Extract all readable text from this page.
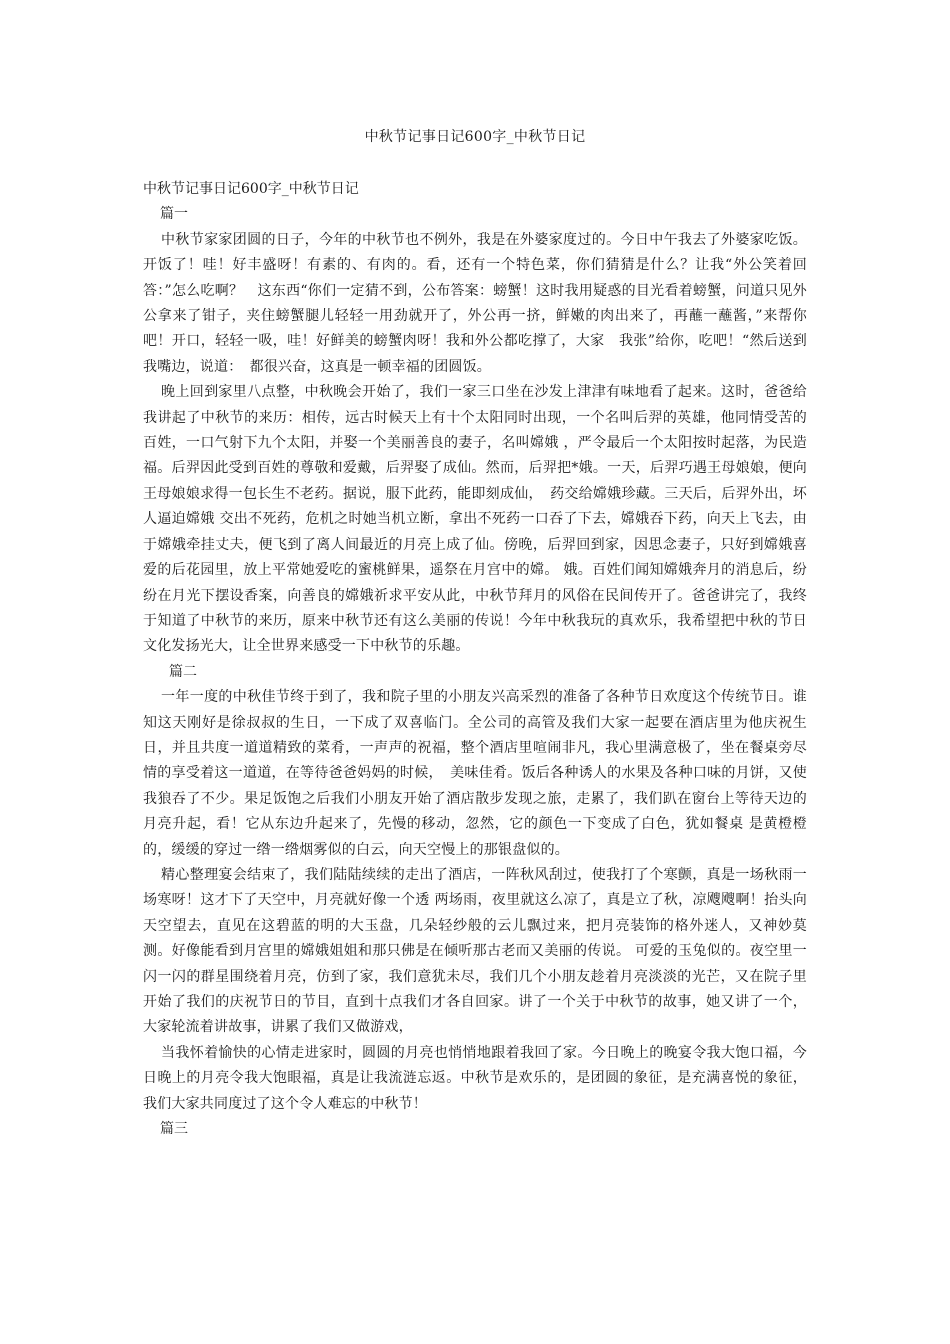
中秋节记事日记600字_中秋节日记

中秋节记事日记600字_中秋节日记

篇一

中秋节家家团圆的日子，今年的中秋节也不例外，我是在外婆家度过的。今日中午我去了外婆家吃饭。开饭了！哇！好丰盛呀！有素的、有肉的。看，还有一个特色菜，你们猜猜是什么？让我“外公笑着回答：”怎么吃啊？　这东西“你们一定猜不到，公布答案：螃蟹！这时我用疑惑的目光看着螃蟹，问道只见外公拿来了钳子，夹住螃蟹腿儿轻轻一用劲就开了，外公再一挤，鲜嫩的肉出来了，再蘸一蘸酱，”来帮你吧！开口，轻轻一吸，哇！好鲜美的螃蟹肉呀！我和外公都吃撑了，大家　我张”给你，吃吧！“然后送到我嘴边，说道：　都很兴奋，这真是一顿幸福的团圆饭。

晚上回到家里八点整，中秋晚会开始了，我们一家三口坐在沙发上津津有味地看了起来。这时，爸爸给我讲起了中秋节的来历：相传，远古时候天上有十个太阳同时出现，一个名叫后羿的英雄，他同情受苦的百姓，一口气射下九个太阳，并娶一个美丽善良的妻子，名叫嫦娥 ，严令最后一个太阳按时起落，为民造福。后羿因此受到百姓的尊敬和爱戴，后羿娶了成仙。然而，后羿把*娥。一天，后羿巧遇王母娘娘，便向王母娘娘求得一包长生不老药。据说，服下此药，能即刻成仙，　药交给嫦娥珍藏。三天后，后羿外出，坏人逼迫嫦娥 交出不死药，危机之时她当机立断，拿出不死药一口吞了下去，嫦娥吞下药，向天上飞去，由于嫦娥牵挂丈夫，便飞到了离人间最近的月亮上成了仙。傍晚，后羿回到家，因思念妻子，只好到嫦娥喜爱的后花园里，放上平常她爱吃的蜜桃鲜果，遥祭在月宫中的嫦。 娥。百姓们闻知嫦娥奔月的消息后，纷纷在月光下摆设香案，向善良的嫦娥祈求平安从此，中秋节拜月的风俗在民间传开了。爸爸讲完了，我终于知道了中秋节的来历，原来中秋节还有这么美丽的传说！今年中秋我玩的真欢乐，我希望把中秋的节日文化发扬光大，让全世界来感受一下中秋节的乐趣。

篇二

一年一度的中秋佳节终于到了，我和院子里的小朋友兴高采烈的准备了各种节日欢度这个传统节日。谁知这天刚好是徐叔叔的生日，一下成了双喜临门。全公司的高管及我们大家一起要在酒店里为他庆祝生日，并且共度一道道精致的菜肴，一声声的祝福，整个酒店里喧闹非凡，我心里满意极了，坐在餐桌旁尽情的享受着这一道道，在等待爸爸妈妈的时候，　美味佳肴。饭后各种诱人的水果及各种口味的月饼，又使我狼吞了不少。果足饭饱之后我们小朋友开始了酒店散步发现之旅，走累了，我们趴在窗台上等待天边的月亮升起，看！它从东边升起来了，先慢的移动，忽然，它的颜色一下变成了白色，犹如餐桌 是黄橙橙的，缓缓的穿过一绺一绺烟雾似的白云，向天空慢上的那银盘似的。

精心整理宴会结束了，我们陆陆续续的走出了酒店，一阵秋风刮过，使我打了个寒颤，真是一场秋雨一场寒呀！这才下了天空中，月亮就好像一个透 两场雨，夜里就这么凉了，真是立了秋，凉飕飕啊！抬头向天空望去，直见在这碧蓝的明的大玉盘，几朵轻纱般的云儿飘过来，把月亮装饰的格外迷人，又神妙莫测。好像能看到月宫里的嫦娥姐姐和那只佛是在倾听那古老而又美丽的传说。 可爱的玉兔似的。夜空里一闪一闪的群星围绕着月亮，仿到了家，我们意犹未尽，我们几个小朋友趁着月亮淡淡的光芒，又在院子里开始了我们的庆祝节日的节目，直到十点我们才各自回家。讲了一个关于中秋节的故事，她又讲了一个，大家轮流着讲故事，讲累了我们又做游戏，

当我怀着愉快的心情走进家时，圆圆的月亮也悄悄地跟着我回了家。今日晚上的晚宴令我大饱口福，今日晚上的月亮令我大饱眼福，真是让我流涟忘返。中秋节是欢乐的，是团圆的象征，是充满喜悦的象征，我们大家共同度过了这个令人难忘的中秋节！

篇三
